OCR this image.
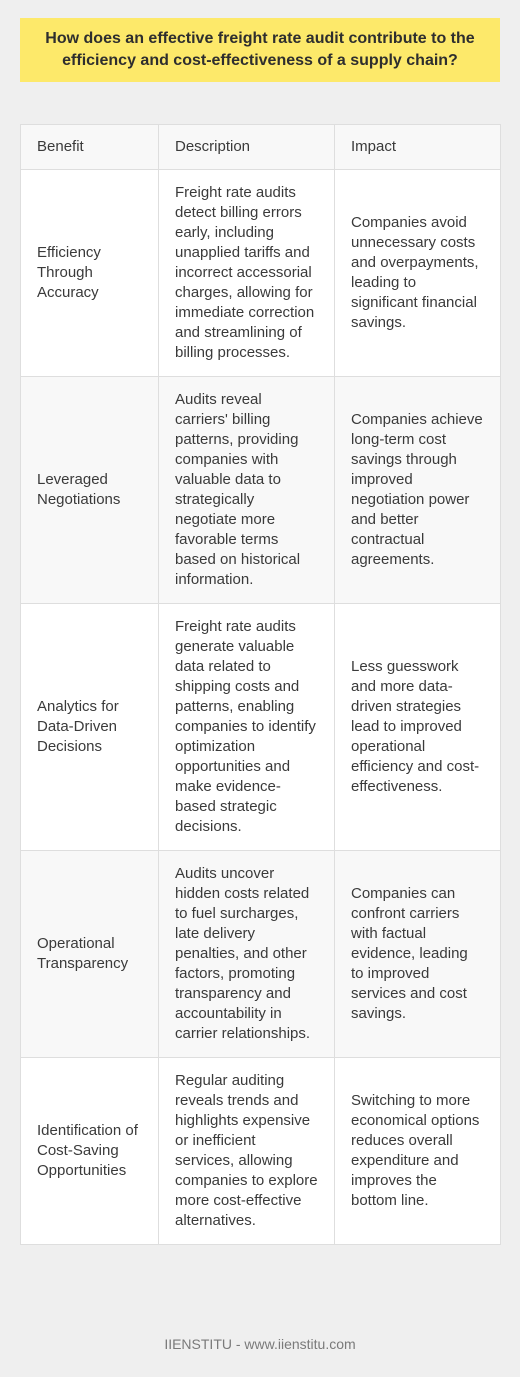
How does an effective freight rate audit contribute to the efficiency and cost-effectiveness of a supply chain?
Benefit	Description	Impact
Efficiency Through Accuracy	Freight rate audits detect billing errors early, including unapplied tariffs and incorrect accessorial charges, allowing for immediate correction and streamlining of billing processes.	Companies avoid unnecessary costs and overpayments, leading to significant financial savings.
Leveraged Negotiations	Audits reveal carriers' billing patterns, providing companies with valuable data to strategically negotiate more favorable terms based on historical information.	Companies achieve long-term cost savings through improved negotiation power and better contractual agreements.
Analytics for Data-Driven Decisions	Freight rate audits generate valuable data related to shipping costs and patterns, enabling companies to identify optimization opportunities and make evidence-based strategic decisions.	Less guesswork and more data-driven strategies lead to improved operational efficiency and cost-effectiveness.
Operational Transparency	Audits uncover hidden costs related to fuel surcharges, late delivery penalties, and other factors, promoting transparency and accountability in carrier relationships.	Companies can confront carriers with factual evidence, leading to improved services and cost savings.
Identification of Cost-Saving Opportunities	Regular auditing reveals trends and highlights expensive or inefficient services, allowing companies to explore more cost-effective alternatives.	Switching to more economical options reduces overall expenditure and improves the bottom line.
IIENSTITU - www.iienstitu.com
